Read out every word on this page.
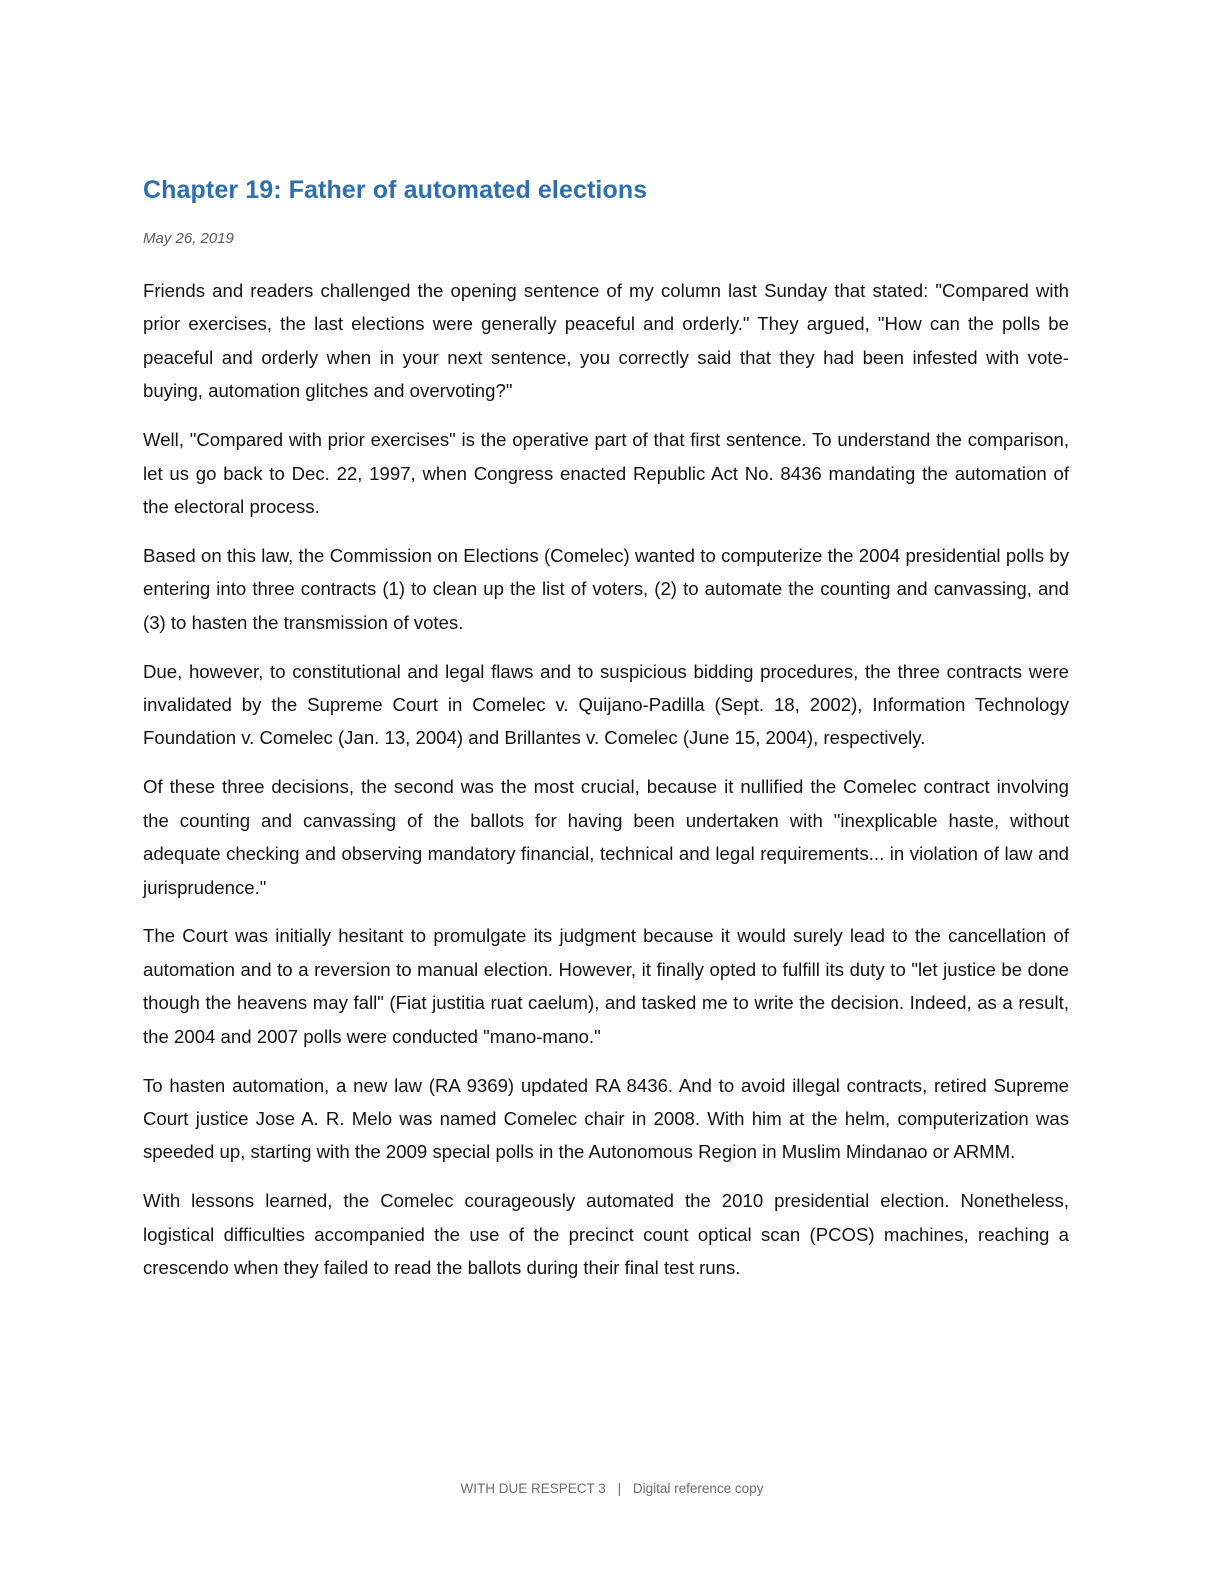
Chapter 19: Father of automated elections
May 26, 2019

Friends and readers challenged the opening sentence of my column last Sunday that stated: "Compared with prior exercises, the last elections were generally peaceful and orderly." They argued, "How can the polls be peaceful and orderly when in your next sentence, you correctly said that they had been infested with vote-buying, automation glitches and overvoting?"

Well, "Compared with prior exercises" is the operative part of that first sentence. To understand the comparison, let us go back to Dec. 22, 1997, when Congress enacted Republic Act No. 8436 mandating the automation of the electoral process.

Based on this law, the Commission on Elections (Comelec) wanted to computerize the 2004 presidential polls by entering into three contracts (1) to clean up the list of voters, (2) to automate the counting and canvassing, and (3) to hasten the transmission of votes.

Due, however, to constitutional and legal flaws and to suspicious bidding procedures, the three contracts were invalidated by the Supreme Court in Comelec v. Quijano-Padilla (Sept. 18, 2002), Information Technology Foundation v. Comelec (Jan. 13, 2004) and Brillantes v. Comelec (June 15, 2004), respectively.

Of these three decisions, the second was the most crucial, because it nullified the Comelec contract involving the counting and canvassing of the ballots for having been undertaken with "inexplicable haste, without adequate checking and observing mandatory financial, technical and legal requirements... in violation of law and jurisprudence."

The Court was initially hesitant to promulgate its judgment because it would surely lead to the cancellation of automation and to a reversion to manual election. However, it finally opted to fulfill its duty to "let justice be done though the heavens may fall" (Fiat justitia ruat caelum), and tasked me to write the decision. Indeed, as a result, the 2004 and 2007 polls were conducted "mano-mano."

To hasten automation, a new law (RA 9369) updated RA 8436. And to avoid illegal contracts, retired Supreme Court justice Jose A. R. Melo was named Comelec chair in 2008. With him at the helm, computerization was speeded up, starting with the 2009 special polls in the Autonomous Region in Muslim Mindanao or ARMM.

With lessons learned, the Comelec courageously automated the 2010 presidential election. Nonetheless, logistical difficulties accompanied the use of the precinct count optical scan (PCOS) machines, reaching a crescendo when they failed to read the ballots during their final test runs.

WITH DUE RESPECT 3 | Digital reference copy
